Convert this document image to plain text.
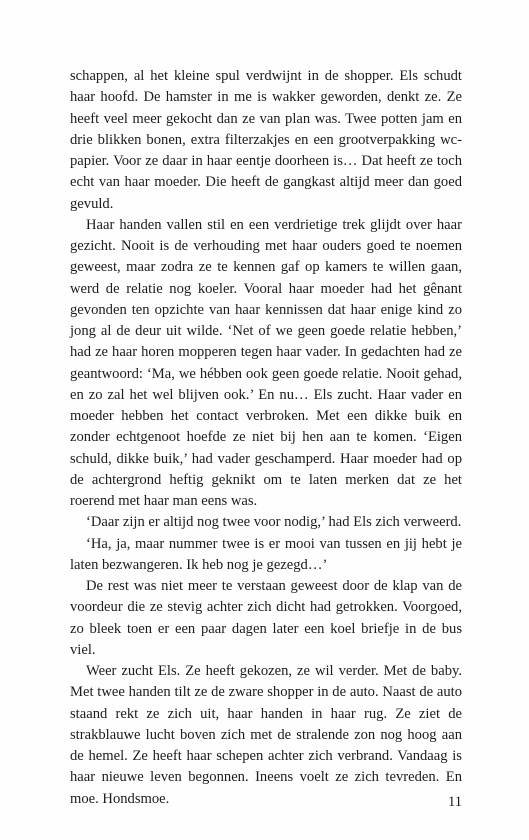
schappen, al het kleine spul verdwijnt in de shopper. Els schudt haar hoofd. De hamster in me is wakker geworden, denkt ze. Ze heeft veel meer gekocht dan ze van plan was. Twee potten jam en drie blikken bonen, extra filterzakjes en een grootverpakking wc-papier. Voor ze daar in haar eentje doorheen is… Dat heeft ze toch echt van haar moeder. Die heeft de gangkast altijd meer dan goed gevuld.

Haar handen vallen stil en een verdrietige trek glijdt over haar gezicht. Nooit is de verhouding met haar ouders goed te noemen geweest, maar zodra ze te kennen gaf op kamers te willen gaan, werd de relatie nog koeler. Vooral haar moeder had het gênant gevonden ten opzichte van haar kennissen dat haar enige kind zo jong al de deur uit wilde. ‘Net of we geen goede relatie hebben,’ had ze haar horen mopperen tegen haar vader. In gedachten had ze geantwoord: ‘Ma, we hébben ook geen goede relatie. Nooit gehad, en zo zal het wel blijven ook.’ En nu… Els zucht. Haar vader en moeder hebben het contact verbroken. Met een dikke buik en zonder echtgenoot hoefde ze niet bij hen aan te komen. ‘Eigen schuld, dikke buik,’ had vader geschamperd. Haar moeder had op de achtergrond heftig geknikt om te laten merken dat ze het roerend met haar man eens was.

‘Daar zijn er altijd nog twee voor nodig,’ had Els zich verweerd.

‘Ha, ja, maar nummer twee is er mooi van tussen en jij hebt je laten bezwangeren. Ik heb nog je gezegd…’

De rest was niet meer te verstaan geweest door de klap van de voordeur die ze stevig achter zich dicht had getrokken. Voorgoed, zo bleek toen er een paar dagen later een koel briefje in de bus viel.

Weer zucht Els. Ze heeft gekozen, ze wil verder. Met de baby. Met twee handen tilt ze de zware shopper in de auto. Naast de auto staand rekt ze zich uit, haar handen in haar rug. Ze ziet de strakblauwe lucht boven zich met de stralende zon nog hoog aan de hemel. Ze heeft haar schepen achter zich verbrand. Vandaag is haar nieuwe leven begonnen. Ineens voelt ze zich tevreden. En moe. Hondsmoe.	11
